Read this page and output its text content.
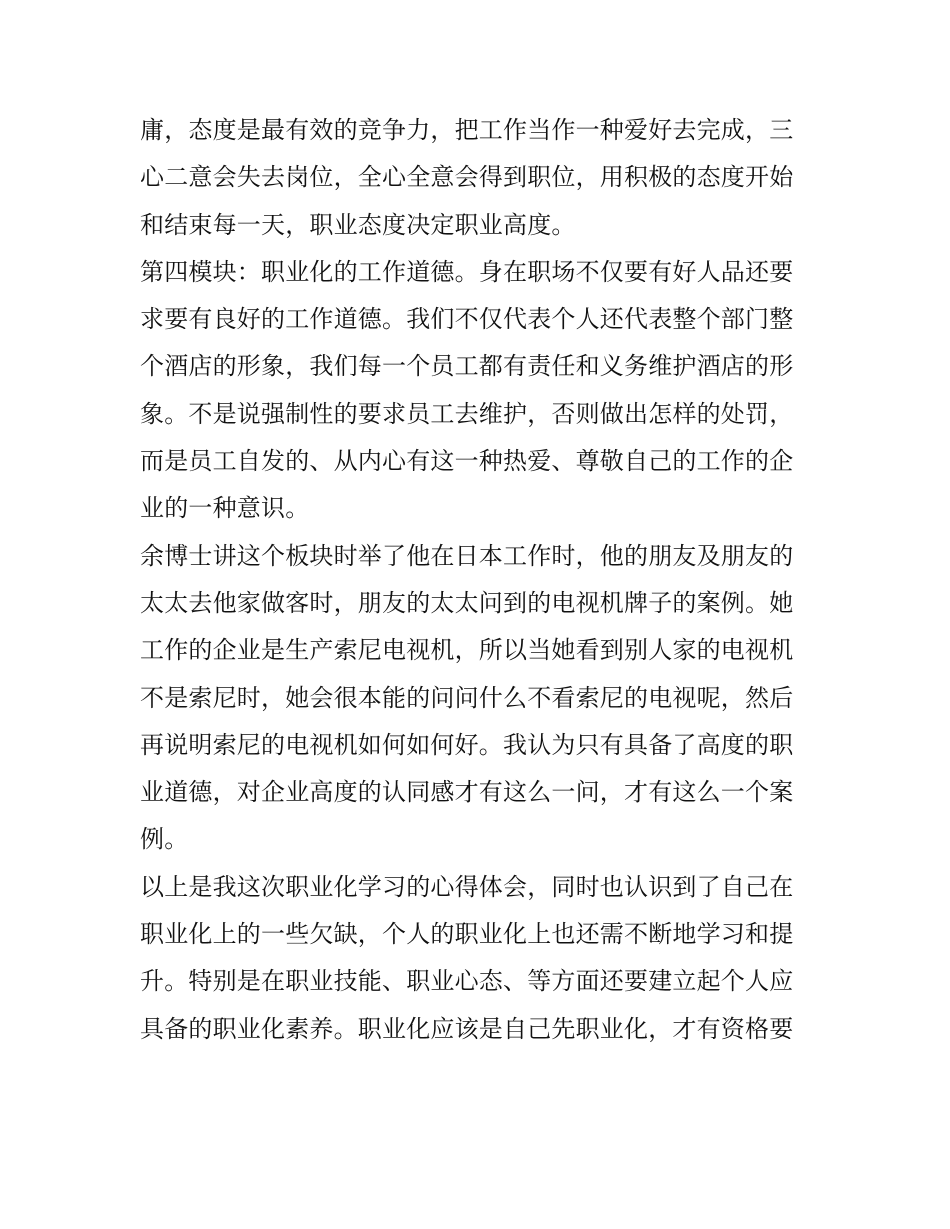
庸，态度是最有效的竞争力，把工作当作一种爱好去完成，三
心二意会失去岗位，全心全意会得到职位，用积极的态度开始
和结束每一天，职业态度决定职业高度。
第四模块：职业化的工作道德。身在职场不仅要有好人品还要
求要有良好的工作道德。我们不仅代表个人还代表整个部门整
个酒店的形象，我们每一个员工都有责任和义务维护酒店的形
象。不是说强制性的要求员工去维护，否则做出怎样的处罚，
而是员工自发的、从内心有这一种热爱、尊敬自己的工作的企
业的一种意识。
余博士讲这个板块时举了他在日本工作时，他的朋友及朋友的
太太去他家做客时，朋友的太太问到的电视机牌子的案例。她
工作的企业是生产索尼电视机，所以当她看到别人家的电视机
不是索尼时，她会很本能的问问什么不看索尼的电视呢，然后
再说明索尼的电视机如何如何好。我认为只有具备了高度的职
业道德，对企业高度的认同感才有这么一问，才有这么一个案
例。
以上是我这次职业化学习的心得体会，同时也认识到了自己在
职业化上的一些欠缺，个人的职业化上也还需不断地学习和提
升。特别是在职业技能、职业心态、等方面还要建立起个人应
具备的职业化素养。职业化应该是自己先职业化，才有资格要
